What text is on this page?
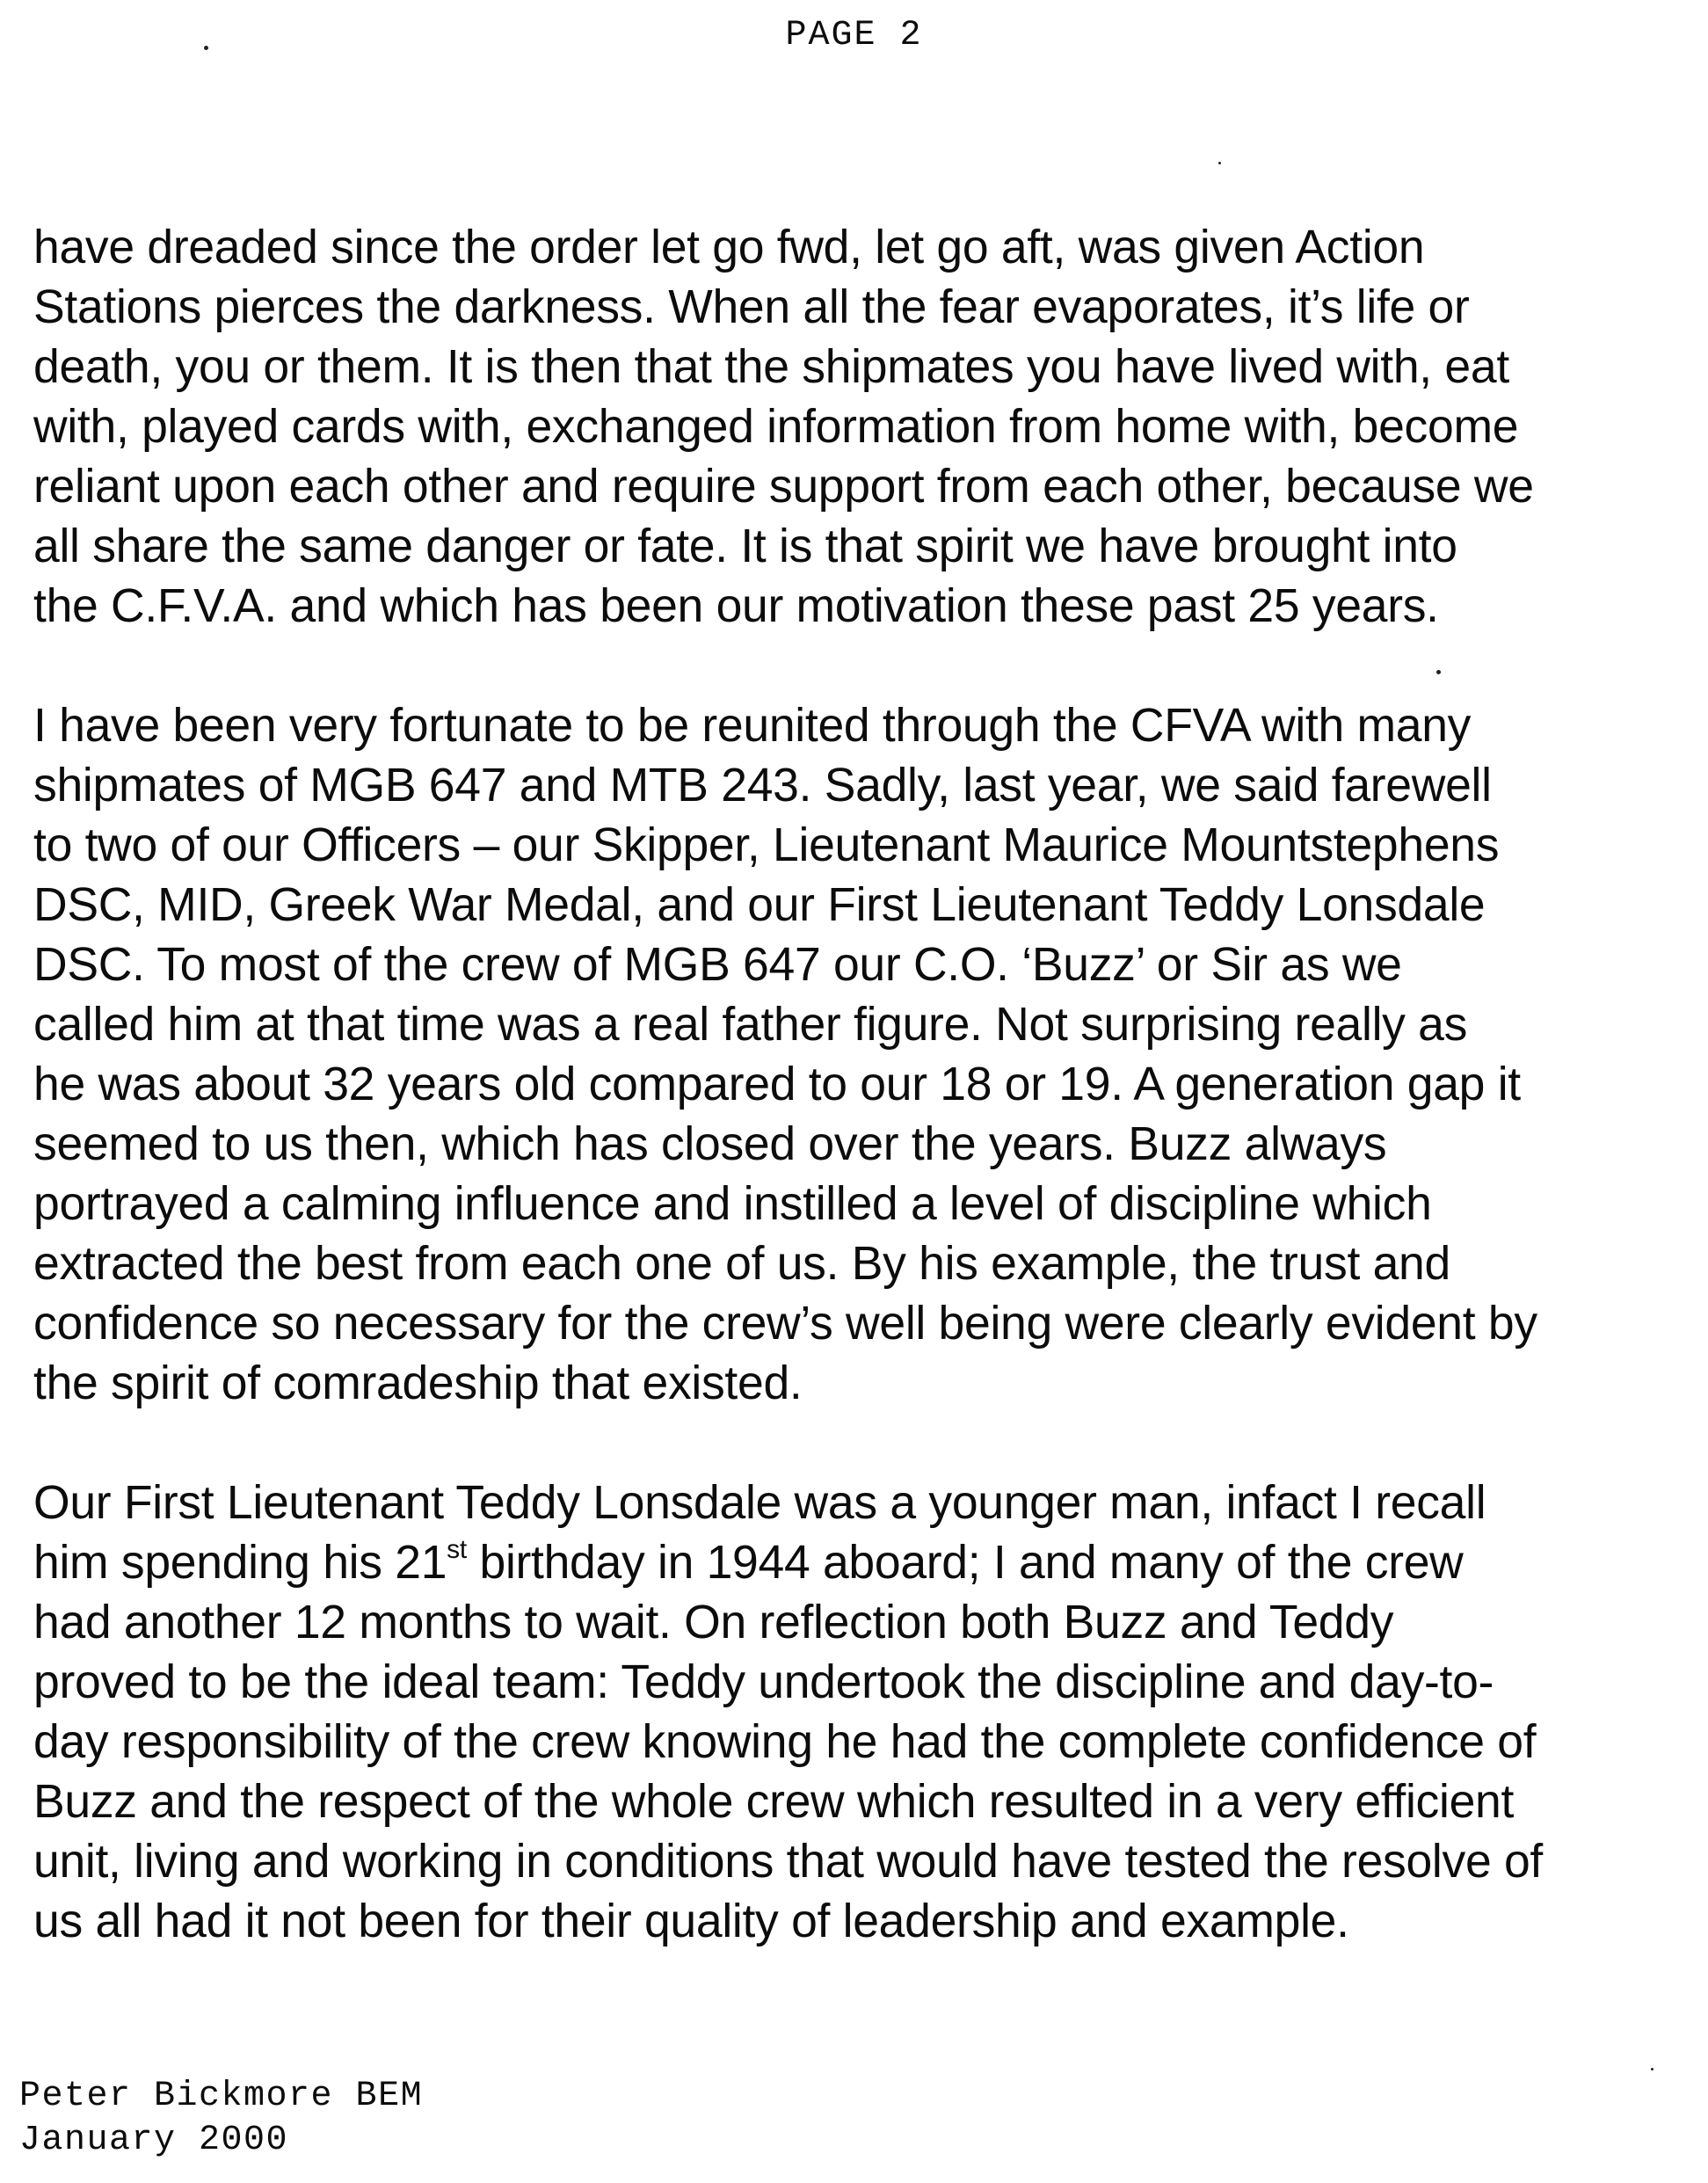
PAGE 2

have dreaded since the order let go fwd, let go aft, was given Action
Stations pierces the darkness. When all the fear evaporates, it’s life or
death, you or them. It is then that the shipmates you have lived with, eat
with, played cards with, exchanged information from home with, become
reliant upon each other and require support from each other, because we
all share the same danger or fate. It is that spirit we have brought into
the C.F.V.A. and which has been our motivation these past 25 years.

I have been very fortunate to be reunited through the CFVA with many
shipmates of MGB 647 and MTB 243. Sadly, last year, we said farewell
to two of our Officers – our Skipper, Lieutenant Maurice Mountstephens
DSC, MID, Greek War Medal, and our First Lieutenant Teddy Lonsdale
DSC. To most of the crew of MGB 647 our C.O. ‘Buzz’ or Sir as we
called him at that time was a real father figure. Not surprising really as
he was about 32 years old compared to our 18 or 19. A generation gap it
seemed to us then, which has closed over the years. Buzz always
portrayed a calming influence and instilled a level of discipline which
extracted the best from each one of us. By his example, the trust and
confidence so necessary for the crew’s well being were clearly evident by
the spirit of comradeship that existed.

Our First Lieutenant Teddy Lonsdale was a younger man, infact I recall
him spending his 21st birthday in 1944 aboard; I and many of the crew
had another 12 months to wait. On reflection both Buzz and Teddy
proved to be the ideal team: Teddy undertook the discipline and day-to-
day responsibility of the crew knowing he had the complete confidence of
Buzz and the respect of the whole crew which resulted in a very efficient
unit, living and working in conditions that would have tested the resolve of
us all had it not been for their quality of leadership and example.

Peter Bickmore BEM
January 2000
